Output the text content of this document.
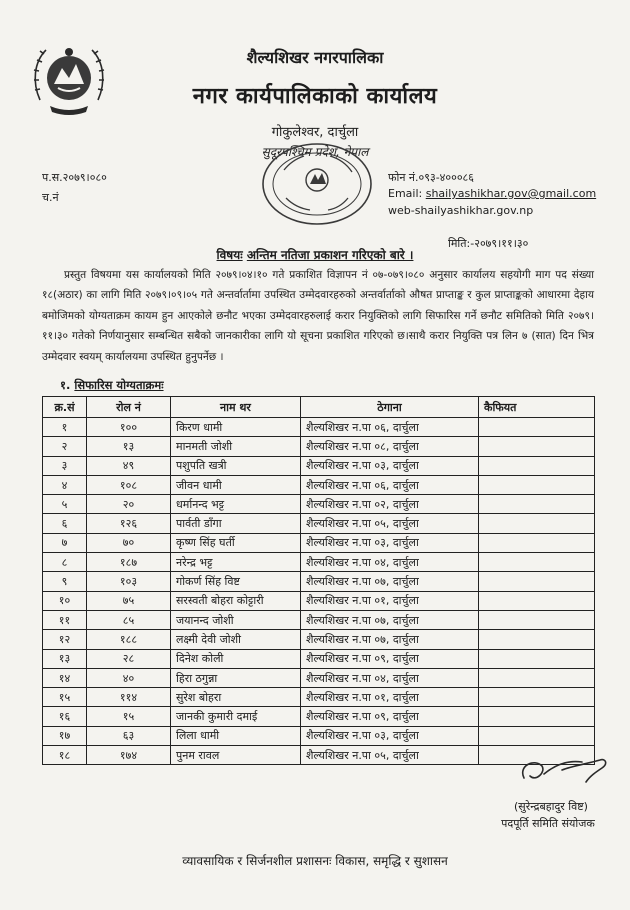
शैल्यशिखर नगरपालिका
नगर कार्यपालिकाको कार्यालय
गोकुलेश्वर, दार्चुला
सुदूरपश्चिम प्रदेश, नेपाल
प.स.२०७९।०८०
च.नं
फोन नं.०९३-४०००८६
Email: shailyashikhar.gov@gmail.com
web-shailyashikhar.gov.np
मिति:-२०७९।११।३०
विषयः अन्तिम नतिजा प्रकाशन गरिएको बारे ।
प्रस्तुत विषयमा यस कार्यालयको मिति २०७९।०४।१० गते प्रकाशित विज्ञापन नं ०७-०७९।०८० अनुसार कार्यालय सहयोगी माग पद संख्या १८(अठार) का लागि मिति २०७९।०९।०५ गते अन्तर्वार्तामा उपस्थित उम्मेदवारहरुको अन्तर्वार्ताको औषत प्राप्ताङ्क र कुल प्राप्ताङ्कको आधारमा देहाय बमोजिमको योग्यताक्रम कायम हुन आएकोले छनौट भएका उम्मेदवारहरुलाई करार नियुक्तिको लागि सिफारिस गर्ने छनौट समितिको मिति २०७९।११।३० गतेको निर्णयानुसार सम्बन्धित सबैको जानकारीका लागि यो सूचना प्रकाशित गरिएको छ।साथै करार नियुक्ति पत्र लिन ७ (सात) दिन भित्र उम्मेदवार स्वयम् कार्यालयमा उपस्थित हुनुपर्नेछ ।
१. सिफारिस योग्यताक्रमः
क्र.सं	रोल नं	नाम थर	ठेगाना	कैफियत
१	१००	किरण धामी	शैल्यशिखर न.पा ०६, दार्चुला	
२	१३	मानमती जोशी	शैल्यशिखर न.पा ०८, दार्चुला	
३	४९	पशुपति खत्री	शैल्यशिखर न.पा ०३, दार्चुला	
४	१०८	जीवन धामी	शैल्यशिखर न.पा ०६, दार्चुला	
५	२०	धर्मानन्द भट्ट	शैल्यशिखर न.पा ०२, दार्चुला	
६	१२६	पार्वती डाँगा	शैल्यशिखर न.पा ०५, दार्चुला	
७	७०	कृष्ण सिंह घर्ती	शैल्यशिखर न.पा ०३, दार्चुला	
८	१८७	नरेन्द्र भट्ट	शैल्यशिखर न.पा ०४, दार्चुला	
९	१०३	गोकर्ण सिंह विष्ट	शैल्यशिखर न.पा ०७, दार्चुला	
१०	७५	सरस्वती बोहरा कोट्टारी	शैल्यशिखर न.पा ०१, दार्चुला	
११	८५	जयानन्द जोशी	शैल्यशिखर न.पा ०७, दार्चुला	
१२	१८८	लक्ष्मी देवी जोशी	शैल्यशिखर न.पा ०७, दार्चुला	
१३	२८	दिनेश कोली	शैल्यशिखर न.पा ०९, दार्चुला	
१४	४०	हिरा ठगुन्ना	शैल्यशिखर न.पा ०४, दार्चुला	
१५	११४	सुरेश बोहरा	शैल्यशिखर न.पा ०१, दार्चुला	
१६	१५	जानकी कुमारी दमाई	शैल्यशिखर न.पा ०९, दार्चुला	
१७	६३	लिला धामी	शैल्यशिखर न.पा ०३, दार्चुला	
१८	१७४	पुनम रावल	शैल्यशिखर न.पा ०५, दार्चुला	
(सुरेन्द्रबहादुर विष्ट)
पदपूर्ति समिति संयोजक
व्यावसायिक र सिर्जनशील प्रशासनः विकास, समृद्धि र सुशासन
